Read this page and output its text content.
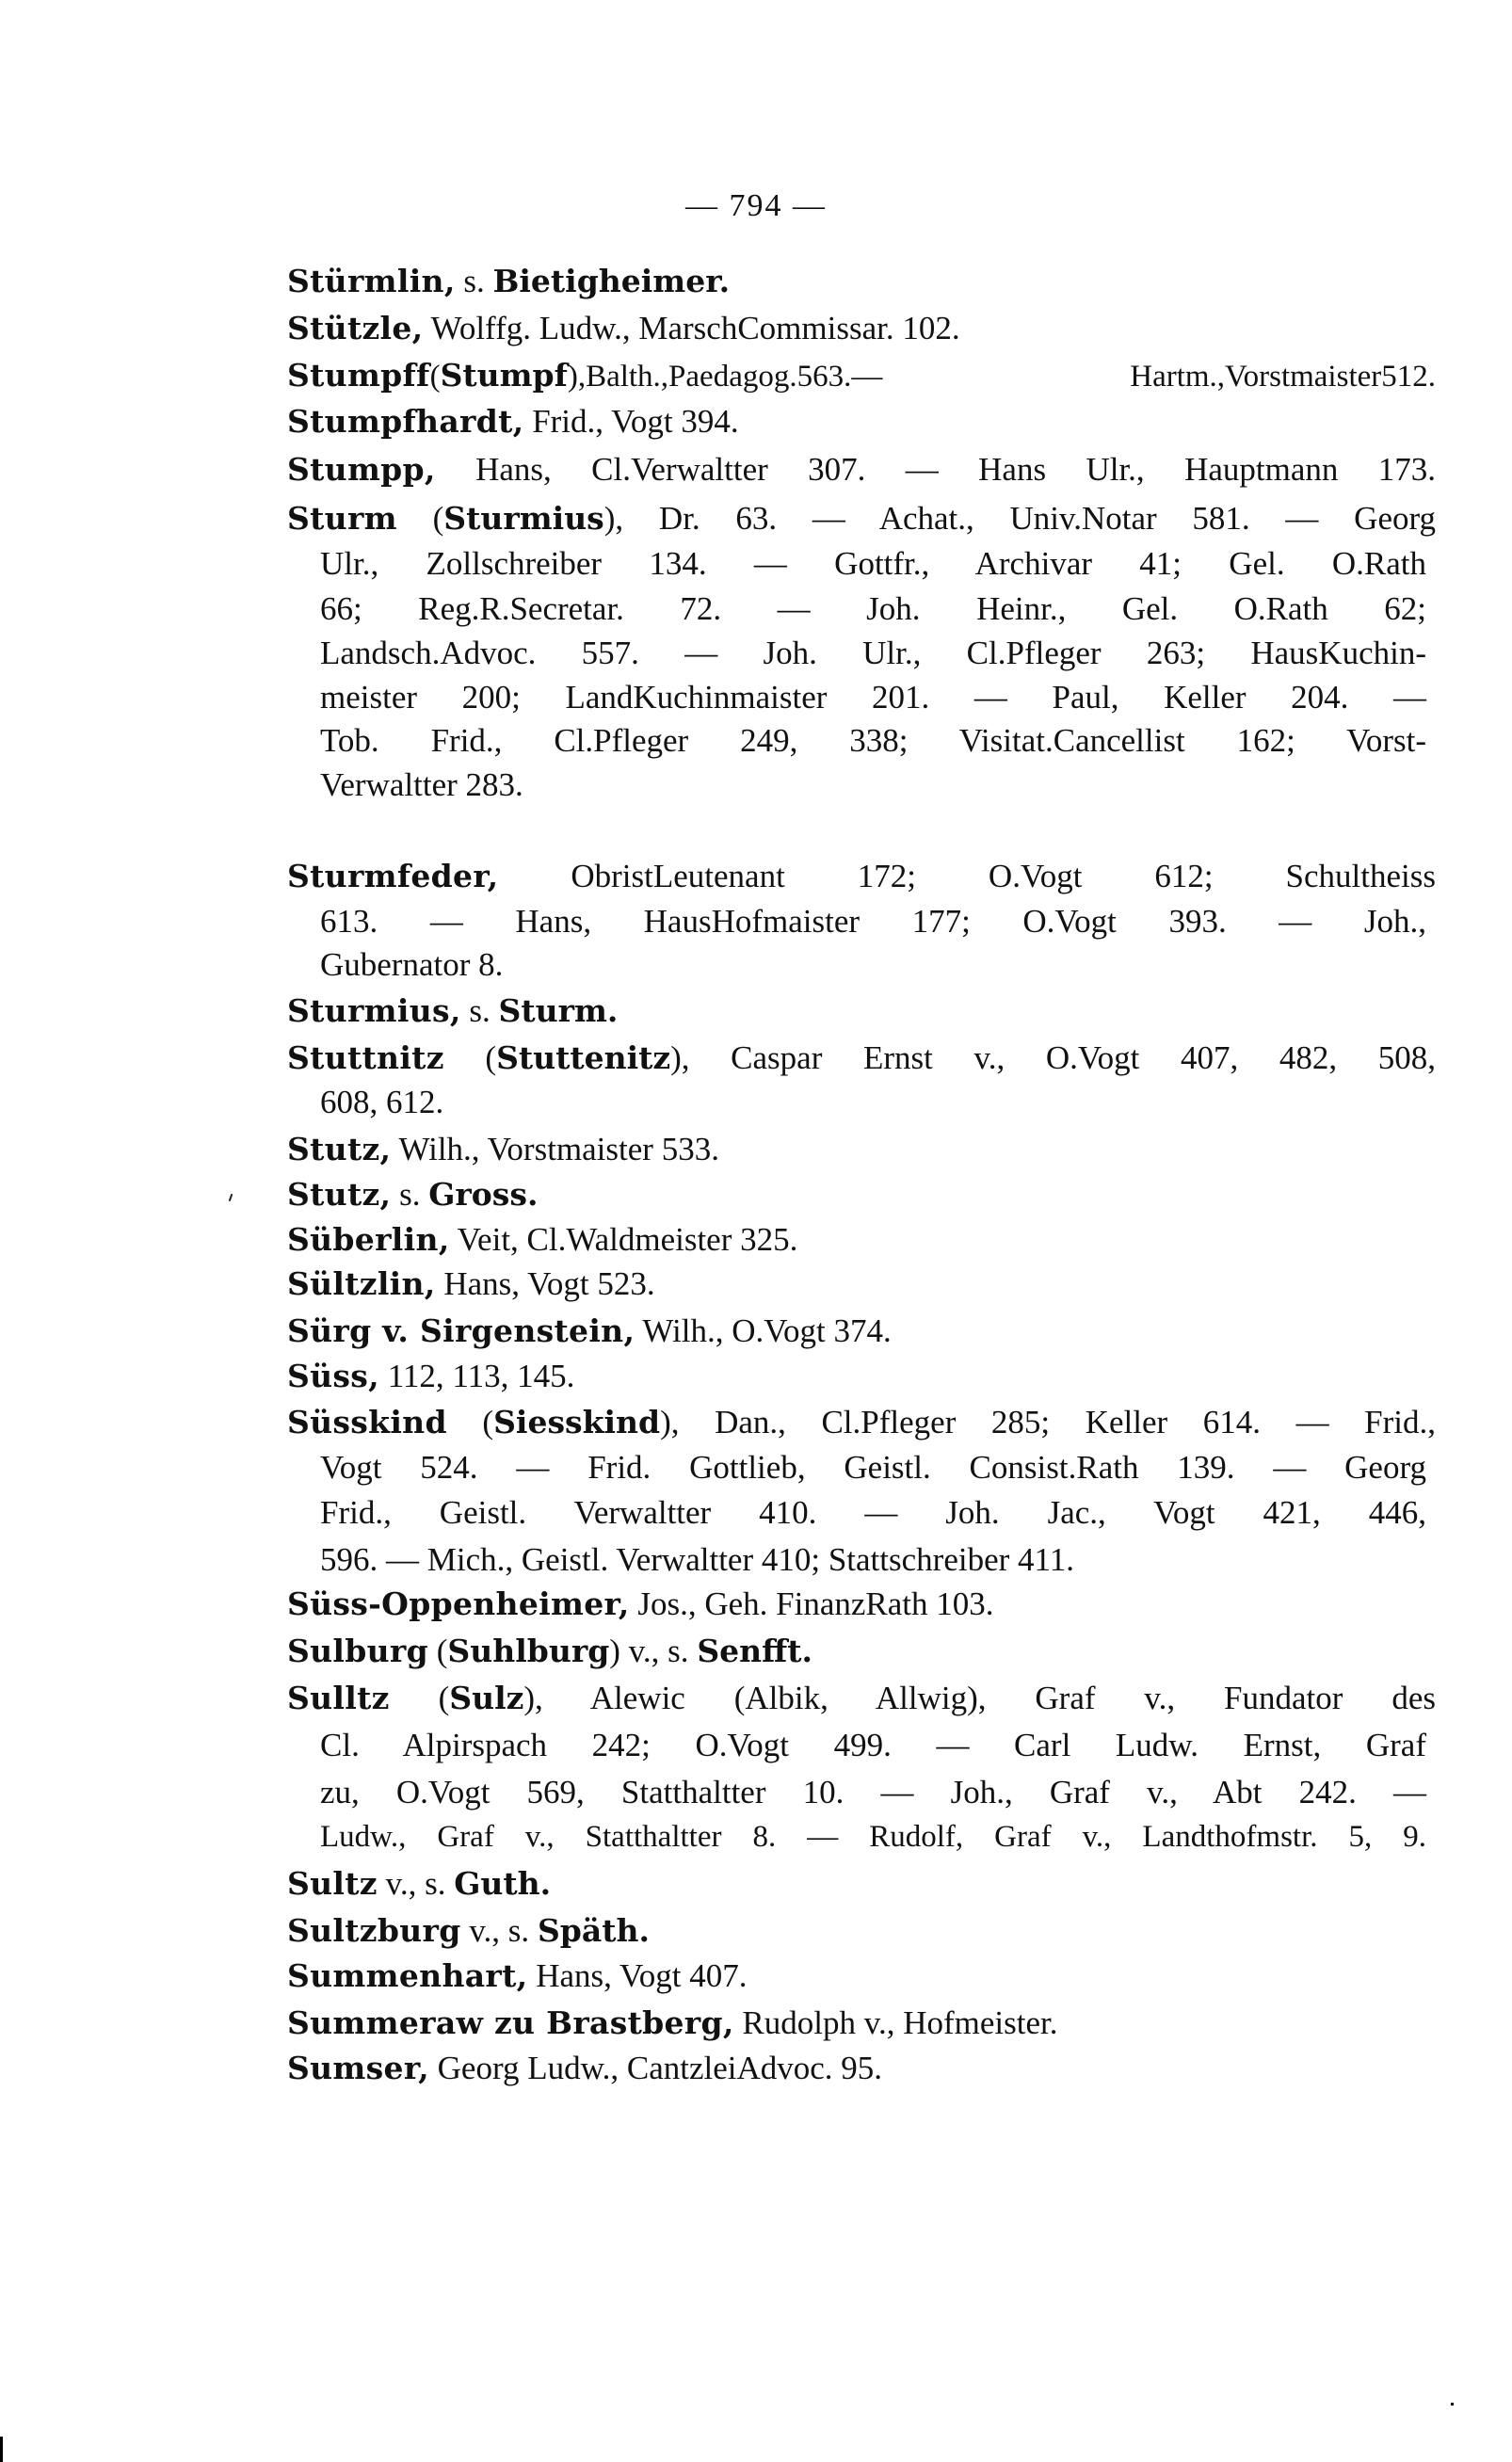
— 794 —
Stürmlin, s. Bietigheimer.
Stützle, Wolffg. Ludw., MarschCommissar. 102.
Stumpff(Stumpf),Balth.,Paedagog.563.— Hartm.,Vorstmaister512.
Stumpfhardt, Frid., Vogt 394.
Stumpp, Hans, Cl.Verwaltter 307. — Hans Ulr., Hauptmann 173.
Sturm (Sturmius), Dr. 63. — Achat., Univ.Notar 581. — Georg
Ulr., Zollschreiber 134. — Gottfr., Archivar 41; Gel. O.Rath
66; Reg.R.Secretar. 72. — Joh. Heinr., Gel. O.Rath 62;
Landsch.Advoc. 557. — Joh. Ulr., Cl.Pfleger 263; HausKuchin-
meister 200; LandKuchinmaister 201. — Paul, Keller 204. —
Tob. Frid., Cl.Pfleger 249, 338; Visitat.Cancellist 162; Vorst-
Verwaltter 283.
Sturmfeder, ObristLeutenant 172; O.Vogt 612; Schultheiss
613. — Hans, HausHofmaister 177; O.Vogt 393. — Joh.,
Gubernator 8.
Sturmius, s. Sturm.
Stuttnitz (Stuttenitz), Caspar Ernst v., O.Vogt 407, 482, 508,
608, 612.
Stutz, Wilh., Vorstmaister 533.
Stutz, s. Gross.
Süberlin, Veit, Cl.Waldmeister 325.
Sültzlin, Hans, Vogt 523.
Sürg v. Sirgenstein, Wilh., O.Vogt 374.
Süss, 112, 113, 145.
Süsskind (Siesskind), Dan., Cl.Pfleger 285; Keller 614. — Frid.,
Vogt 524. — Frid. Gottlieb, Geistl. Consist.Rath 139. — Georg
Frid., Geistl. Verwaltter 410. — Joh. Jac., Vogt 421, 446,
596. — Mich., Geistl. Verwaltter 410; Stattschreiber 411.
Süss-Oppenheimer, Jos., Geh. FinanzRath 103.
Sulburg (Suhlburg) v., s. Senfft.
Sulltz (Sulz), Alewic (Albik, Allwig), Graf v., Fundator des
Cl. Alpirspach 242; O.Vogt 499. — Carl Ludw. Ernst, Graf
zu, O.Vogt 569, Statthaltter 10. — Joh., Graf v., Abt 242. —
Ludw., Graf v., Statthaltter 8. — Rudolf, Graf v., Landthofmstr. 5, 9.
Sultz v., s. Guth.
Sultzburg v., s. Späth.
Summenhart, Hans, Vogt 407.
Summeraw zu Brastberg, Rudolph v., Hofmeister.
Sumser, Georg Ludw., CantzleiAdvoc. 95.
